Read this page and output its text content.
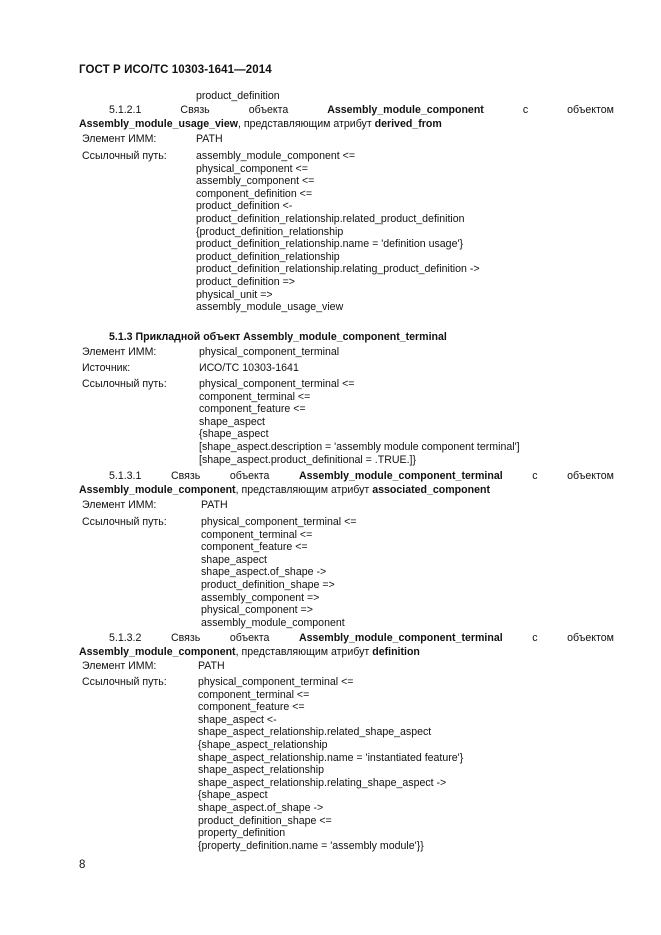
ГОСТ Р ИСО/ТС 10303-1641—2014
product_definition
5.1.2.1	Связь	объекта	Assembly_module_component	с	объектом
Assembly_module_usage_view, представляющим атрибут derived_from
Элемент ИММ:	PATH
Ссылочный путь:	assembly_module_component <=
physical_component <=
assembly_component <=
component_definition <=
product_definition <-
product_definition_relationship.related_product_definition
{product_definition_relationship
product_definition_relationship.name = 'definition usage'}
product_definition_relationship
product_definition_relationship.relating_product_definition ->
product_definition =>
physical_unit =>
assembly_module_usage_view
5.1.3 Прикладной объект Assembly_module_component_terminal
Элемент ИММ:	physical_component_terminal
Источник:	ИСО/ТС 10303-1641
Ссылочный путь:	physical_component_terminal <=
component_terminal <=
component_feature <=
shape_aspect
{shape_aspect
[shape_aspect.description = 'assembly module component terminal']
[shape_aspect.product_definitional = .TRUE.]}
5.1.3.1	Связь	объекта	Assembly_module_component_terminal	с	объектом
Assembly_module_component, представляющим атрибут associated_component
Элемент ИММ:	PATH
Ссылочный путь:	physical_component_terminal <=
component_terminal <=
component_feature <=
shape_aspect
shape_aspect.of_shape ->
product_definition_shape =>
assembly_component =>
physical_component =>
assembly_module_component
5.1.3.2	Связь	объекта	Assembly_module_component_terminal	с	объектом
Assembly_module_component, представляющим атрибут definition
Элемент ИММ:	PATH
Ссылочный путь:	physical_component_terminal <=
component_terminal <=
component_feature <=
shape_aspect <-
shape_aspect_relationship.related_shape_aspect
{shape_aspect_relationship
shape_aspect_relationship.name = 'instantiated feature'}
shape_aspect_relationship
shape_aspect_relationship.relating_shape_aspect ->
{shape_aspect
shape_aspect.of_shape ->
product_definition_shape <=
property_definition
{property_definition.name = 'assembly module'}}
8
